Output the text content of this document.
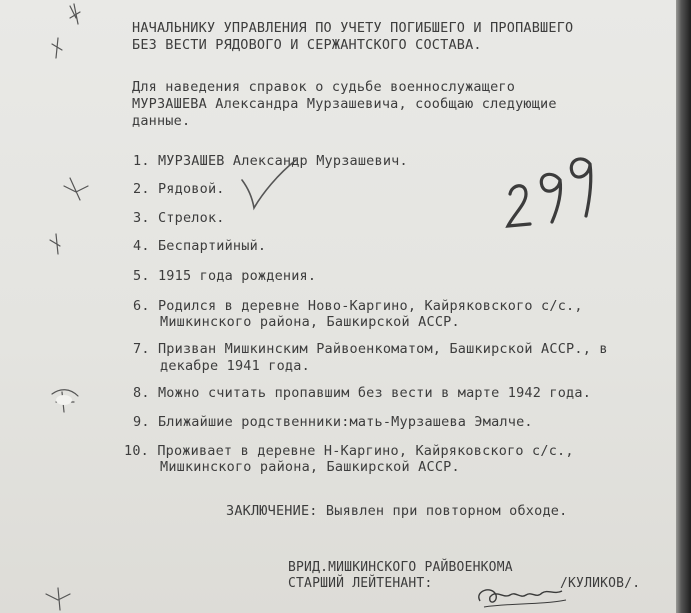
НАЧАЛЬНИКУ УПРАВЛЕНИЯ ПО УЧЕТУ ПОГИБШЕГО И ПРОПАВШЕГО
БЕЗ ВЕСТИ РЯДОВОГО И СЕРЖАНТСКОГО СОСТАВА.
Для наведения справок о судьбе военнослужащего
МУРЗАШЕВА Александра Мурзашевича, сообщаю следующие
данные.
1. МУРЗАШЕВ Александр Мурзашевич.
2. Рядовой.
3. Стрелок.
4. Беспартийный.
5. 1915 года рождения.
6. Родился в деревне Ново-Каргино, Кайряковского с/с.,
Мишкинского района, Башкирской АССР.
7. Призван Мишкинским Райвоенкоматом, Башкирской АССР., в
декабре 1941 года.
8. Можно считать пропавшим без вести в марте 1942 года.
9. Ближайшие родственники:мать-Мурзашева Эмалче.
10. Проживает в деревне Н-Каргино, Кайряковского с/с.,
Мишкинского района, Башкирской АССР.
ЗАКЛЮЧЕНИЕ: Выявлен при повторном обходе.
ВРИД.МИШКИНСКОГО РАЙВОЕНКОМА
СТАРШИЙ ЛЕЙТЕНАНТ:	/КУЛИКОВ/.
